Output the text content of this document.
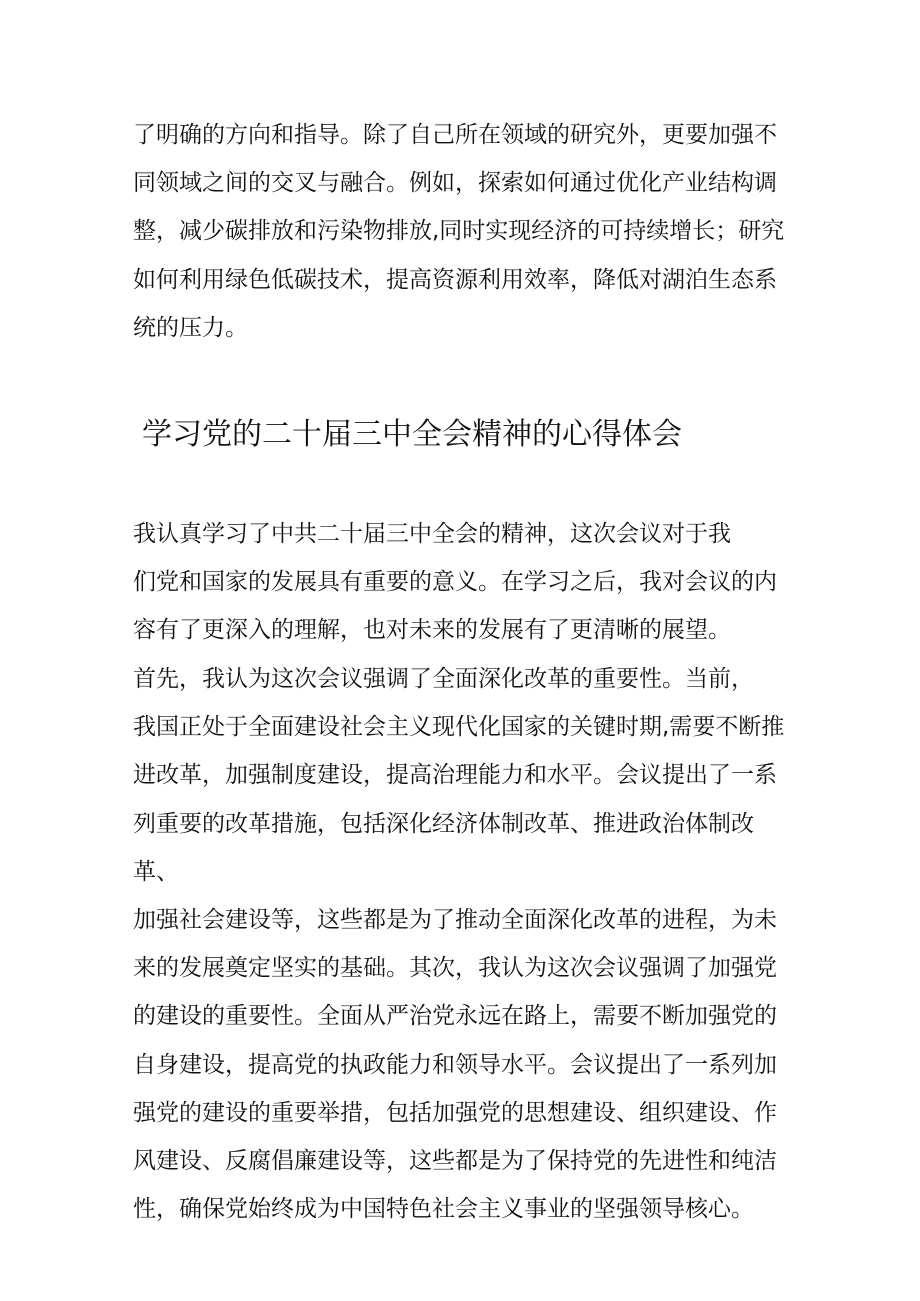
了明确的方向和指导。除了自己所在领域的研究外，更要加强不
同领域之间的交叉与融合。例如，探索如何通过优化产业结构调
整，减少碳排放和污染物排放,同时实现经济的可持续增长；研究
如何利用绿色低碳技术，提高资源利用效率，降低对湖泊生态系
统的压力。

学习党的二十届三中全会精神的心得体会

我认真学习了中共二十届三中全会的精神，这次会议对于我
们党和国家的发展具有重要的意义。在学习之后，我对会议的内
容有了更深入的理解，也对未来的发展有了更清晰的展望。

首先，我认为这次会议强调了全面深化改革的重要性。当前，
我国正处于全面建设社会主义现代化国家的关键时期,需要不断推
进改革，加强制度建设，提高治理能力和水平。会议提出了一系
列重要的改革措施，包括深化经济体制改革、推进政治体制改革、
加强社会建设等，这些都是为了推动全面深化改革的进程，为未
来的发展奠定坚实的基础。其次，我认为这次会议强调了加强党
的建设的重要性。全面从严治党永远在路上，需要不断加强党的
自身建设，提高党的执政能力和领导水平。会议提出了一系列加
强党的建设的重要举措，包括加强党的思想建设、组织建设、作
风建设、反腐倡廉建设等，这些都是为了保持党的先进性和纯洁
性，确保党始终成为中国特色社会主义事业的坚强领导核心。
